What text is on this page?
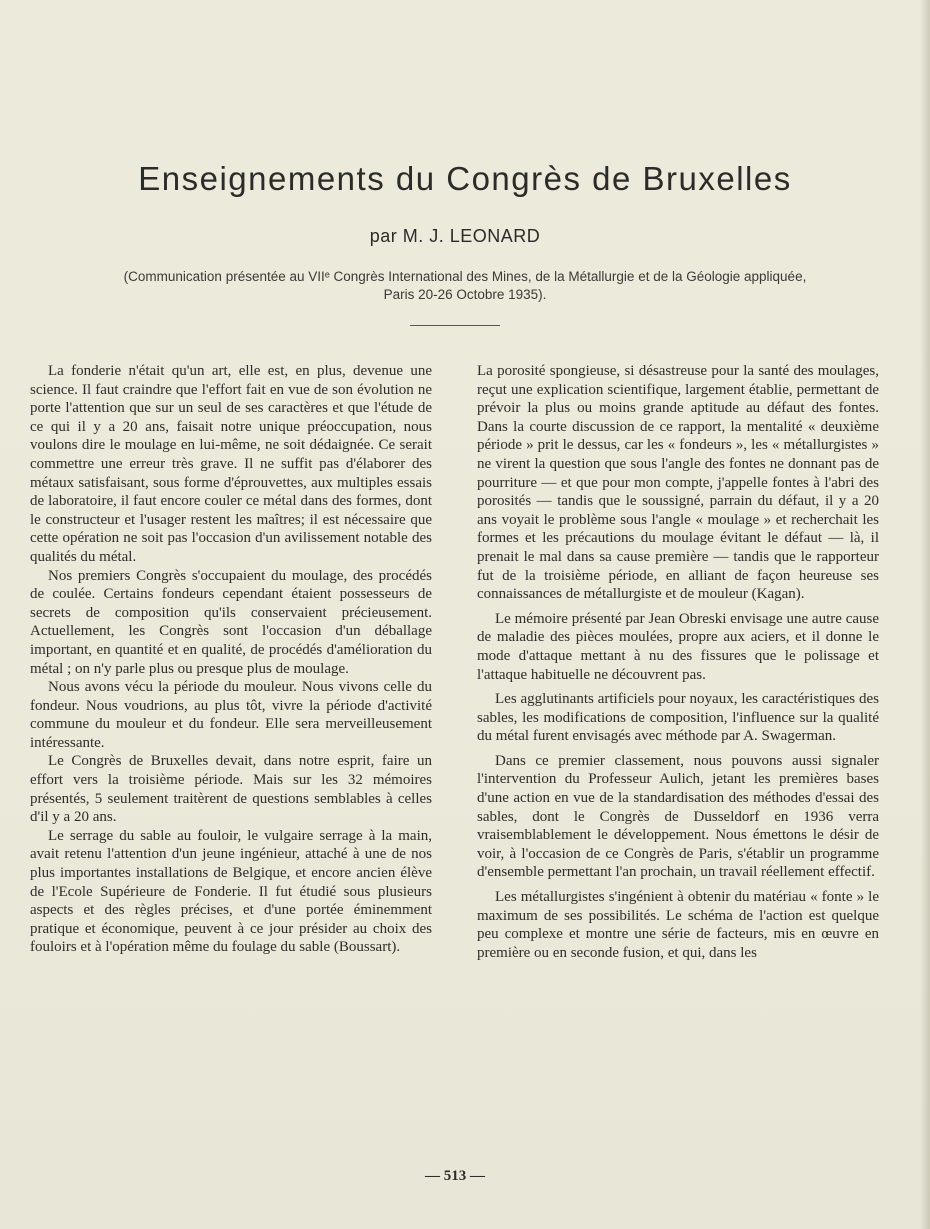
Enseignements du Congrès de Bruxelles
par M. J. LEONARD
(Communication présentée au VIIᵉ Congrès International des Mines, de la Métallurgie et de la Géologie appliquée,
Paris 20-26 Octobre 1935).

La fonderie n'était qu'un art, elle est, en plus, devenue une science. Il faut craindre que l'effort fait en vue de son évolution ne porte l'attention que sur un seul de ses caractères et que l'étude de ce qui il y a 20 ans, faisait notre unique préoccupation, nous voulons dire le moulage en lui-même, ne soit dédaignée. Ce serait commettre une erreur très grave. Il ne suffit pas d'élaborer des métaux satisfaisant, sous forme d'éprouvettes, aux multiples essais de laboratoire, il faut encore couler ce métal dans des formes, dont le constructeur et l'usager restent les maîtres; il est nécessaire que cette opération ne soit pas l'occasion d'un avilissement notable des qualités du métal.

Nos premiers Congrès s'occupaient du moulage, des procédés de coulée. Certains fondeurs cependant étaient possesseurs de secrets de composition qu'ils conservaient précieusement. Actuellement, les Congrès sont l'occasion d'un déballage important, en quantité et en qualité, de procédés d'amélioration du métal ; on n'y parle plus ou presque plus de moulage.

Nous avons vécu la période du mouleur. Nous vivons celle du fondeur. Nous voudrions, au plus tôt, vivre la période d'activité commune du mouleur et du fondeur. Elle sera merveilleusement intéressante.

Le Congrès de Bruxelles devait, dans notre esprit, faire un effort vers la troisième période. Mais sur les 32 mémoires présentés, 5 seulement traitèrent de questions semblables à celles d'il y a 20 ans.

Le serrage du sable au fouloir, le vulgaire serrage à la main, avait retenu l'attention d'un jeune ingénieur, attaché à une de nos plus importantes installations de Belgique, et encore ancien élève de l'Ecole Supérieure de Fonderie. Il fut étudié sous plusieurs aspects et des règles précises, et d'une portée éminemment pratique et économique, peuvent à ce jour présider au choix des fouloirs et à l'opération même du foulage du sable (Boussart).

La porosité spongieuse, si désastreuse pour la santé des moulages, reçut une explication scientifique, largement établie, permettant de prévoir la plus ou moins grande aptitude au défaut des fontes. Dans la courte discussion de ce rapport, la mentalité « deuxième période » prit le dessus, car les « fondeurs », les « métallurgistes » ne virent la question que sous l'angle des fontes ne donnant pas de pourriture — et que pour mon compte, j'appelle fontes à l'abri des porosités — tandis que le soussigné, parrain du défaut, il y a 20 ans voyait le problème sous l'angle « moulage » et recherchait les formes et les précautions du moulage évitant le défaut — là, il prenait le mal dans sa cause première — tandis que le rapporteur fut de la troisième période, en alliant de façon heureuse ses connaissances de métallurgiste et de mouleur (Kagan).

Le mémoire présenté par Jean Obreski envisage une autre cause de maladie des pièces moulées, propre aux aciers, et il donne le mode d'attaque mettant à nu des fissures que le polissage et l'attaque habituelle ne découvrent pas.

Les agglutinants artificiels pour noyaux, les caractéristiques des sables, les modifications de composition, l'influence sur la qualité du métal furent envisagés avec méthode par A. Swagerman.

Dans ce premier classement, nous pouvons aussi signaler l'intervention du Professeur Aulich, jetant les premières bases d'une action en vue de la standardisation des méthodes d'essai des sables, dont le Congrès de Dusseldorf en 1936 verra vraisemblablement le développement. Nous émettons le désir de voir, à l'occasion de ce Congrès de Paris, s'établir un programme d'ensemble permettant l'an prochain, un travail réellement effectif.

Les métallurgistes s'ingénient à obtenir du matériau « fonte » le maximum de ses possibilités. Le schéma de l'action est quelque peu complexe et montre une série de facteurs, mis en œuvre en première ou en seconde fusion, et qui, dans les

— 513 —
